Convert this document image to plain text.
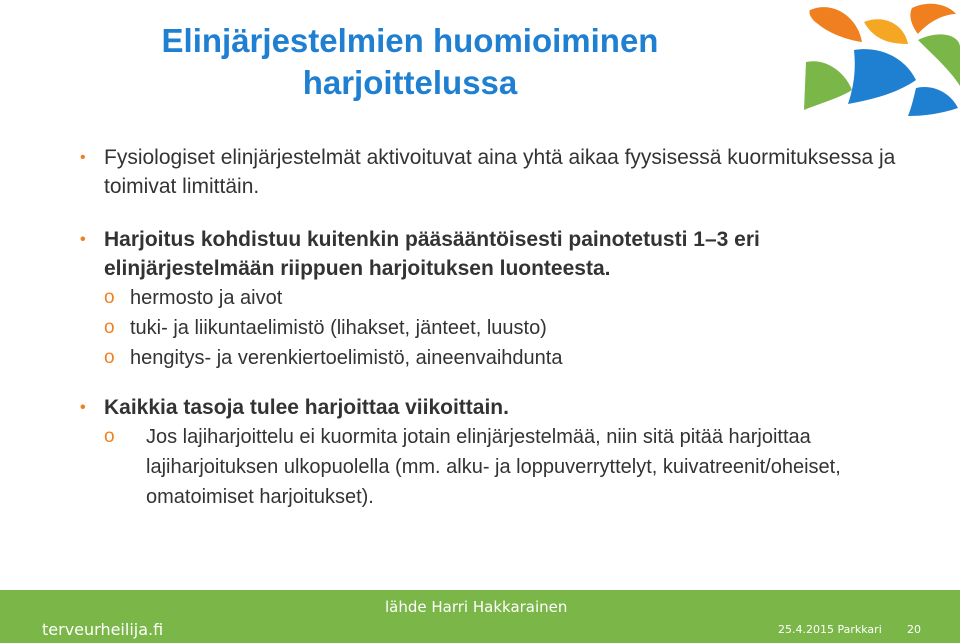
Elinjärjestelmien huomioiminen
harjoittelussa
• Fysiologiset elinjärjestelmät aktivoituvat aina yhtä aikaa fyysisessä kuormituksessa ja toimivat limittäin.
• Harjoitus kohdistuu kuitenkin pääsääntöisesti painotetusti 1–3 eri elinjärjestelmään riippuen harjoituksen luonteesta.
o hermosto ja aivot
o tuki- ja liikuntaelimistö (lihakset, jänteet, luusto)
o hengitys- ja verenkiertoelimistö, aineenvaihdunta
• Kaikkia tasoja tulee harjoittaa viikoittain.
o Jos lajiharjoittelu ei kuormita jotain elinjärjestelmää, niin sitä pitää harjoittaa lajiharjoituksen ulkopuolella (mm. alku- ja loppuverryttelyt, kuivatreenit/oheiset, omatoimiset harjoitukset).
terveurheilija.fi
lähde Harri Hakkarainen
25.4.2015 Parkkari 20
